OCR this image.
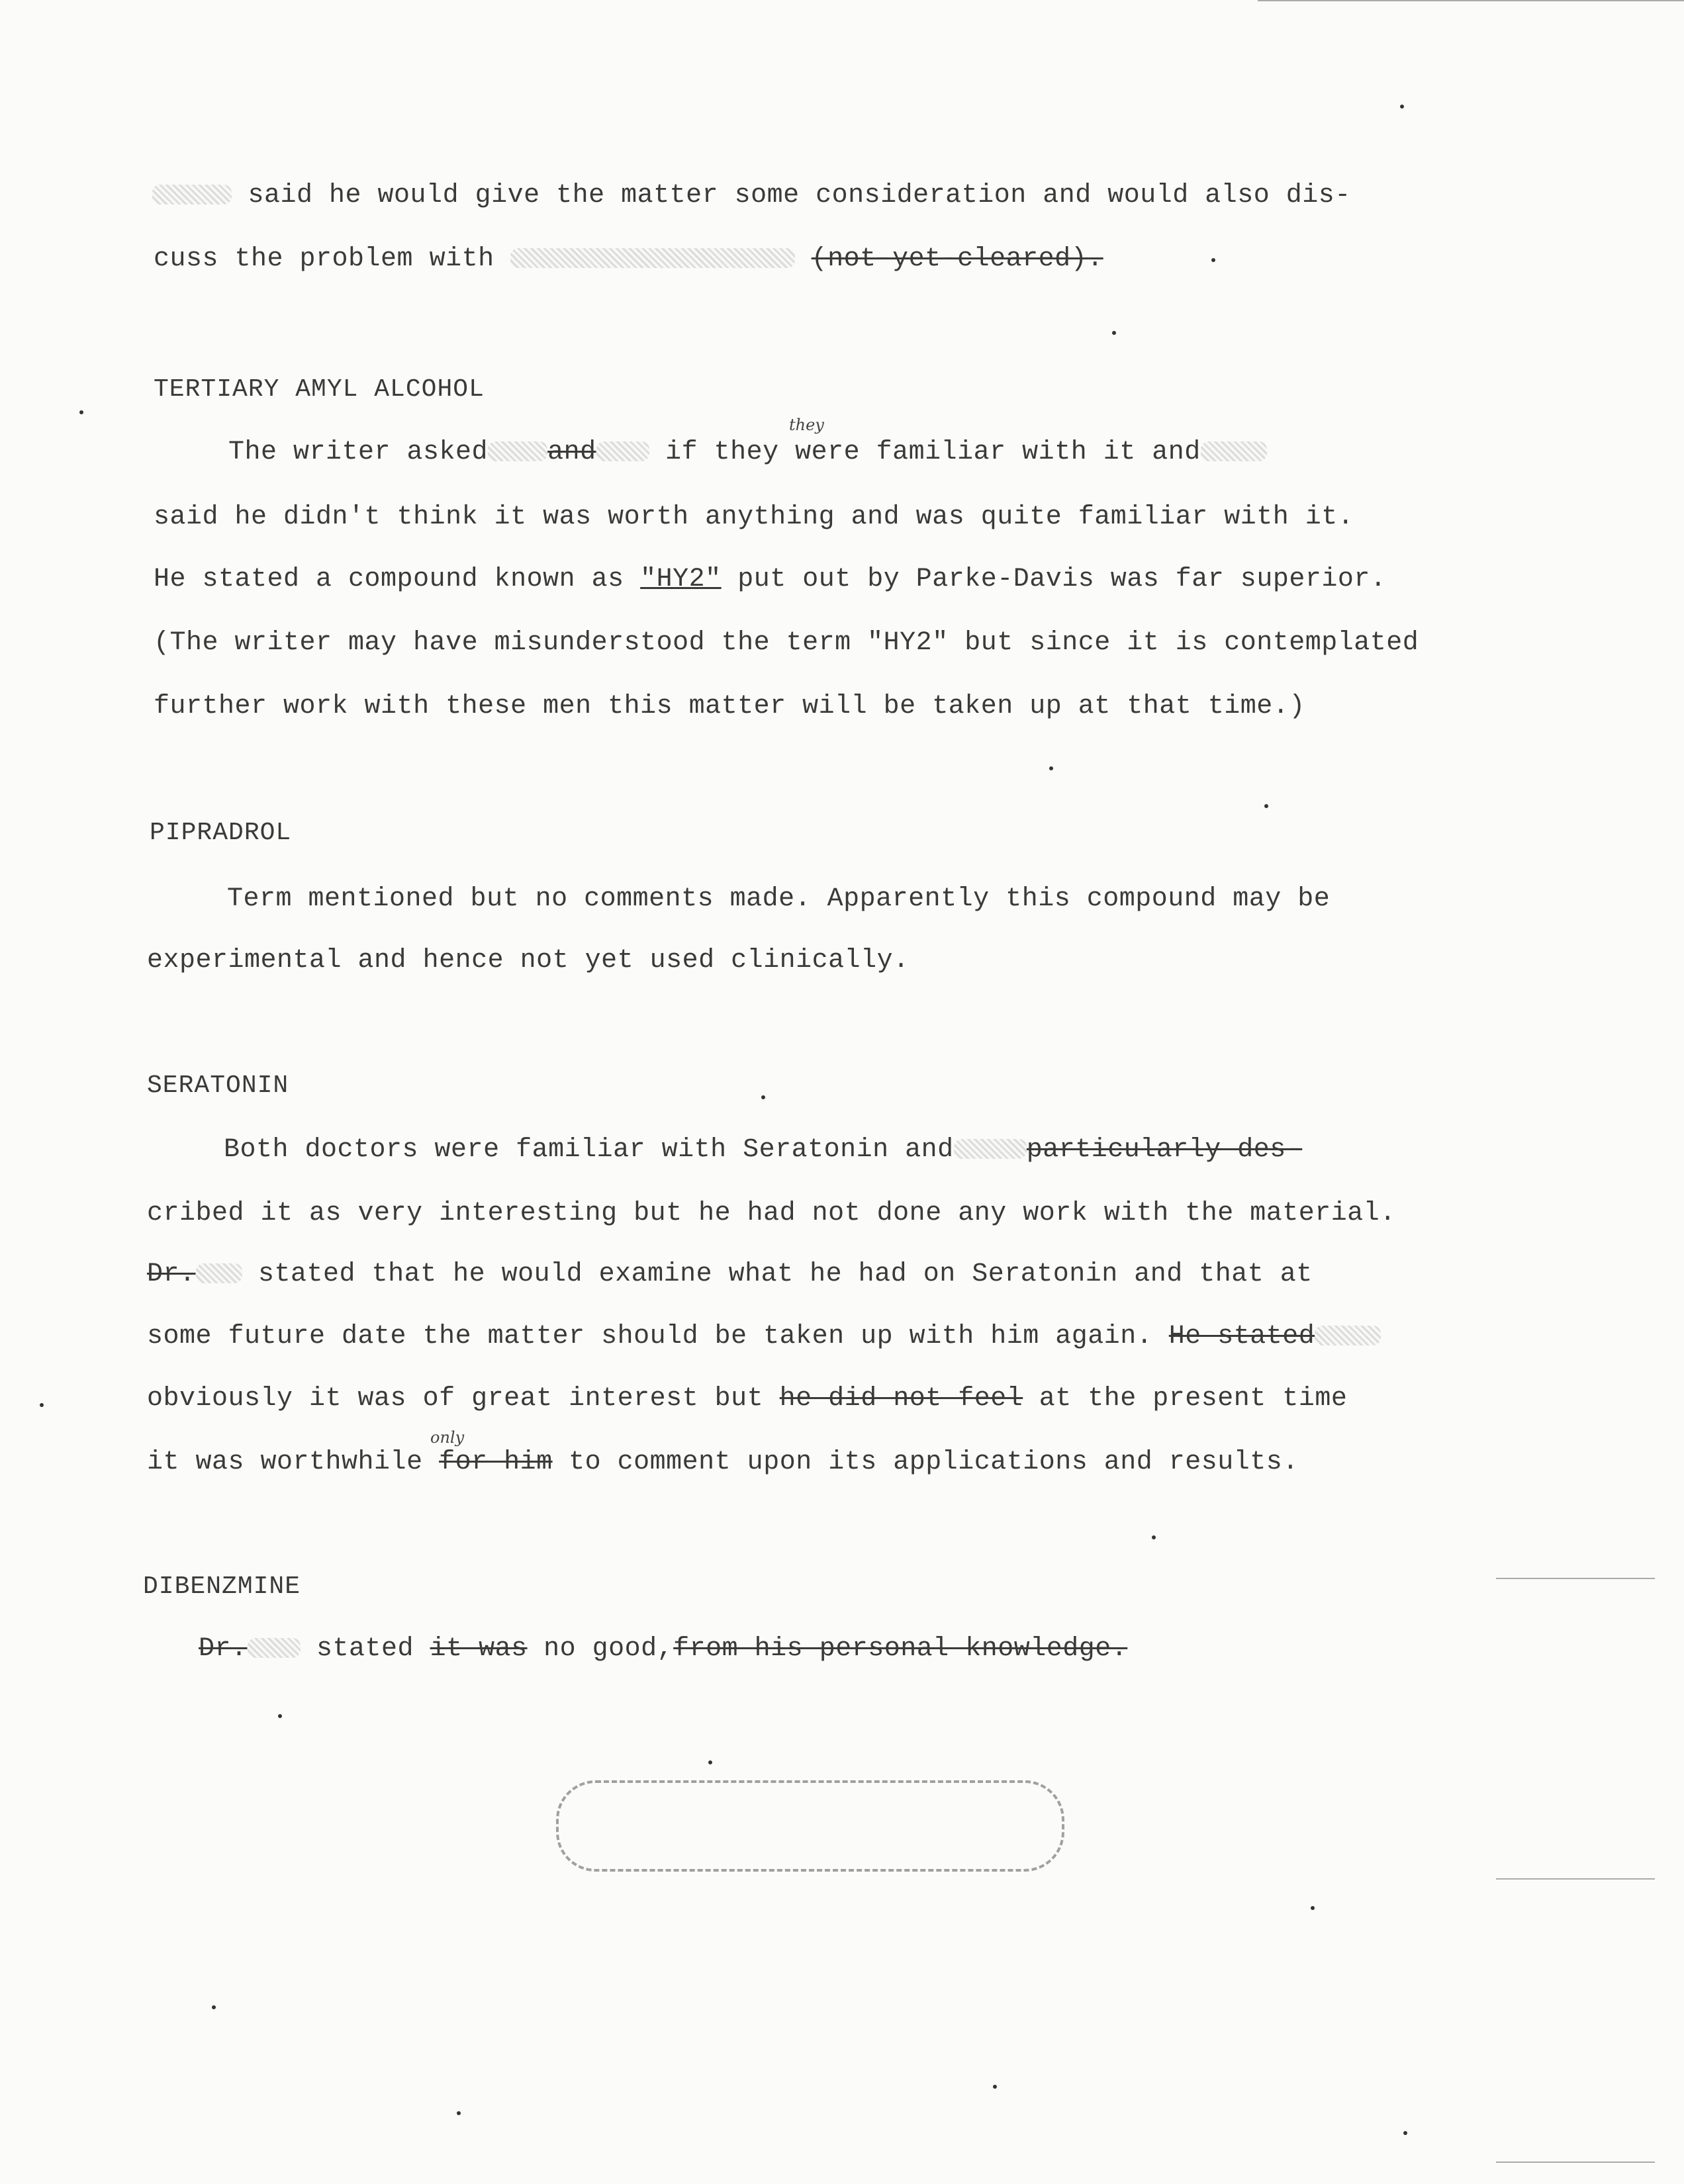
said he would give the matter some consideration and would also dis-
cuss the problem with	(not-yet-cleared).
TERTIARY AMYL ALCOHOL
they
The writer asked and	if they were familiar with it and
said he didn't think it was worth anything and was quite familiar with it.
He stated a compound known as "HY2" put out by Parke-Davis was far superior.
(The writer may have misunderstood the term "HY2" but since it is contemplated
further work with these men this matter will be taken up at that time.)
PIPRADROL
Term mentioned but no comments made. Apparently this compound may be
experimental and hence not yet used clinically.
SERATONIN
Both doctors were familiar with Seratonin and	particularly des-
cribed it as very interesting but he had not done any work with the material.
Dr. stated that he would examine what he had on Seratonin and that at
some future date the matter should be taken up with him again. He stated
obviously it was of great interest but he did not feel at the present time
only
it was worthwhile for him to comment upon its applications and results.
DIBENZMINE
Dr.	stated it was no good,from his personal knowledge.
